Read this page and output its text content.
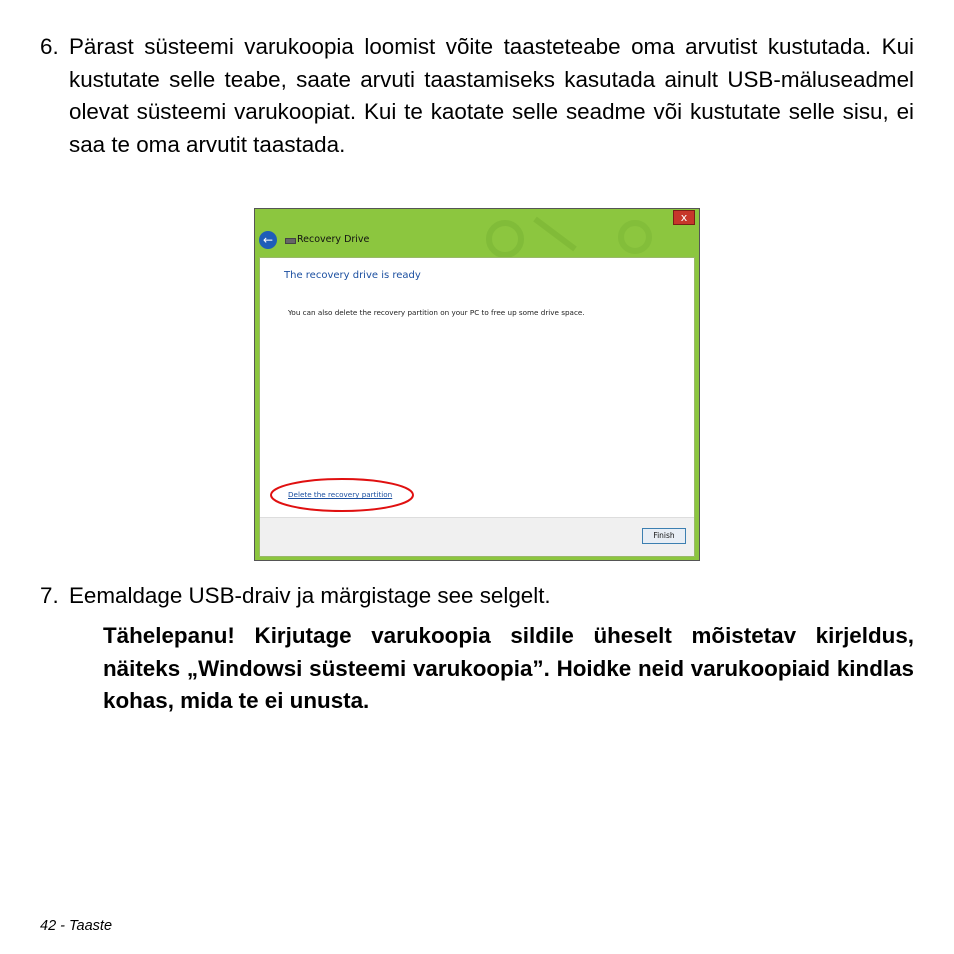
6. Pärast süsteemi varukoopia loomist võite taasteteabe oma arvutist kustutada. Kui kustutate selle teabe, saate arvuti taastamiseks kasutada ainult USB-mäluseadmel olevat süsteemi varukoopiat. Kui te kaotate selle seadme või kustutate selle sisu, ei saa te oma arvutit taastada.
x
←	Recovery Drive
The recovery drive is ready
You can also delete the recovery partition on your PC to free up some drive space.
Delete the recovery partition
Finish
7. Eemaldage USB-draiv ja märgistage see selgelt.
Tähelepanu! Kirjutage varukoopia sildile üheselt mõistetav kirjeldus, näiteks „Windowsi süsteemi varukoopia”. Hoidke neid varukoopiaid kindlas kohas, mida te ei unusta.
42 - Taaste
